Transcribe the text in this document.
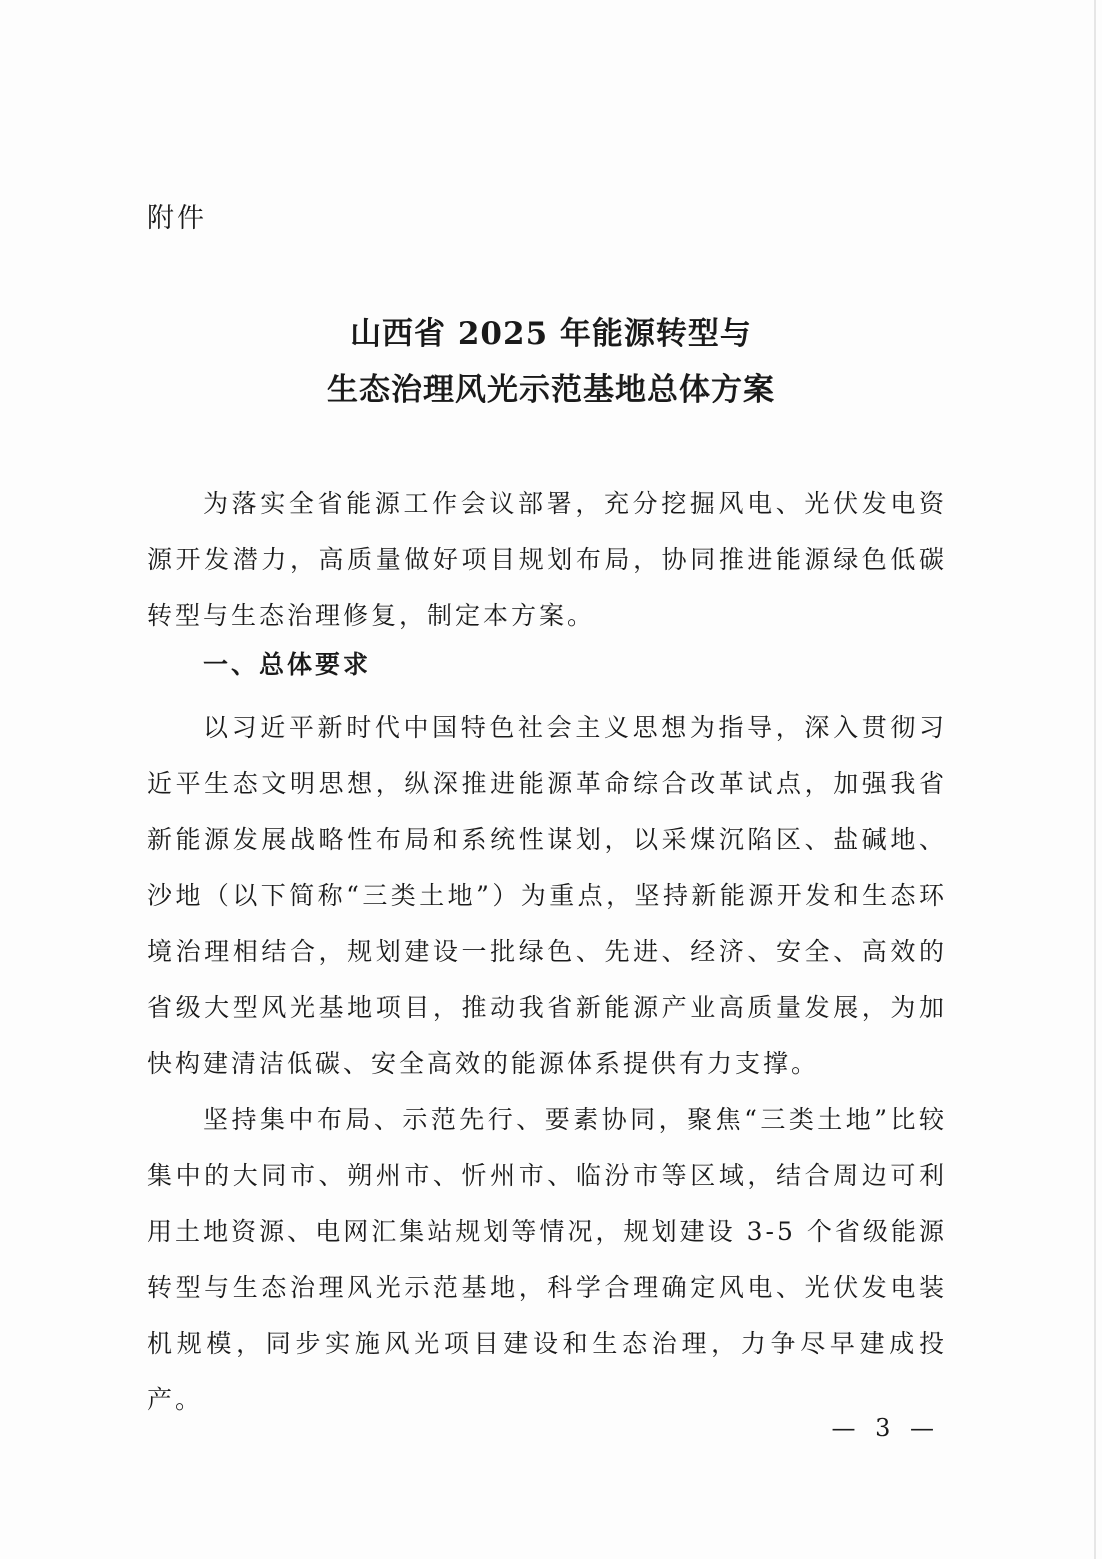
附件
山西省 2025 年能源转型与
生态治理风光示范基地总体方案

为落实全省能源工作会议部署，充分挖掘风电、光伏发电资源开发潜力，高质量做好项目规划布局，协同推进能源绿色低碳转型与生态治理修复，制定本方案。

一、总体要求

以习近平新时代中国特色社会主义思想为指导，深入贯彻习近平生态文明思想，纵深推进能源革命综合改革试点，加强我省新能源发展战略性布局和系统性谋划，以采煤沉陷区、盐碱地、沙地（以下简称“三类土地”）为重点，坚持新能源开发和生态环境治理相结合，规划建设一批绿色、先进、经济、安全、高效的省级大型风光基地项目，推动我省新能源产业高质量发展，为加快构建清洁低碳、安全高效的能源体系提供有力支撑。

坚持集中布局、示范先行、要素协同，聚焦“三类土地”比较集中的大同市、朔州市、忻州市、临汾市等区域，结合周边可利用土地资源、电网汇集站规划等情况，规划建设 3-5 个省级能源转型与生态治理风光示范基地，科学合理确定风电、光伏发电装机规模，同步实施风光项目建设和生态治理，力争尽早建成投产。

— 3 —
